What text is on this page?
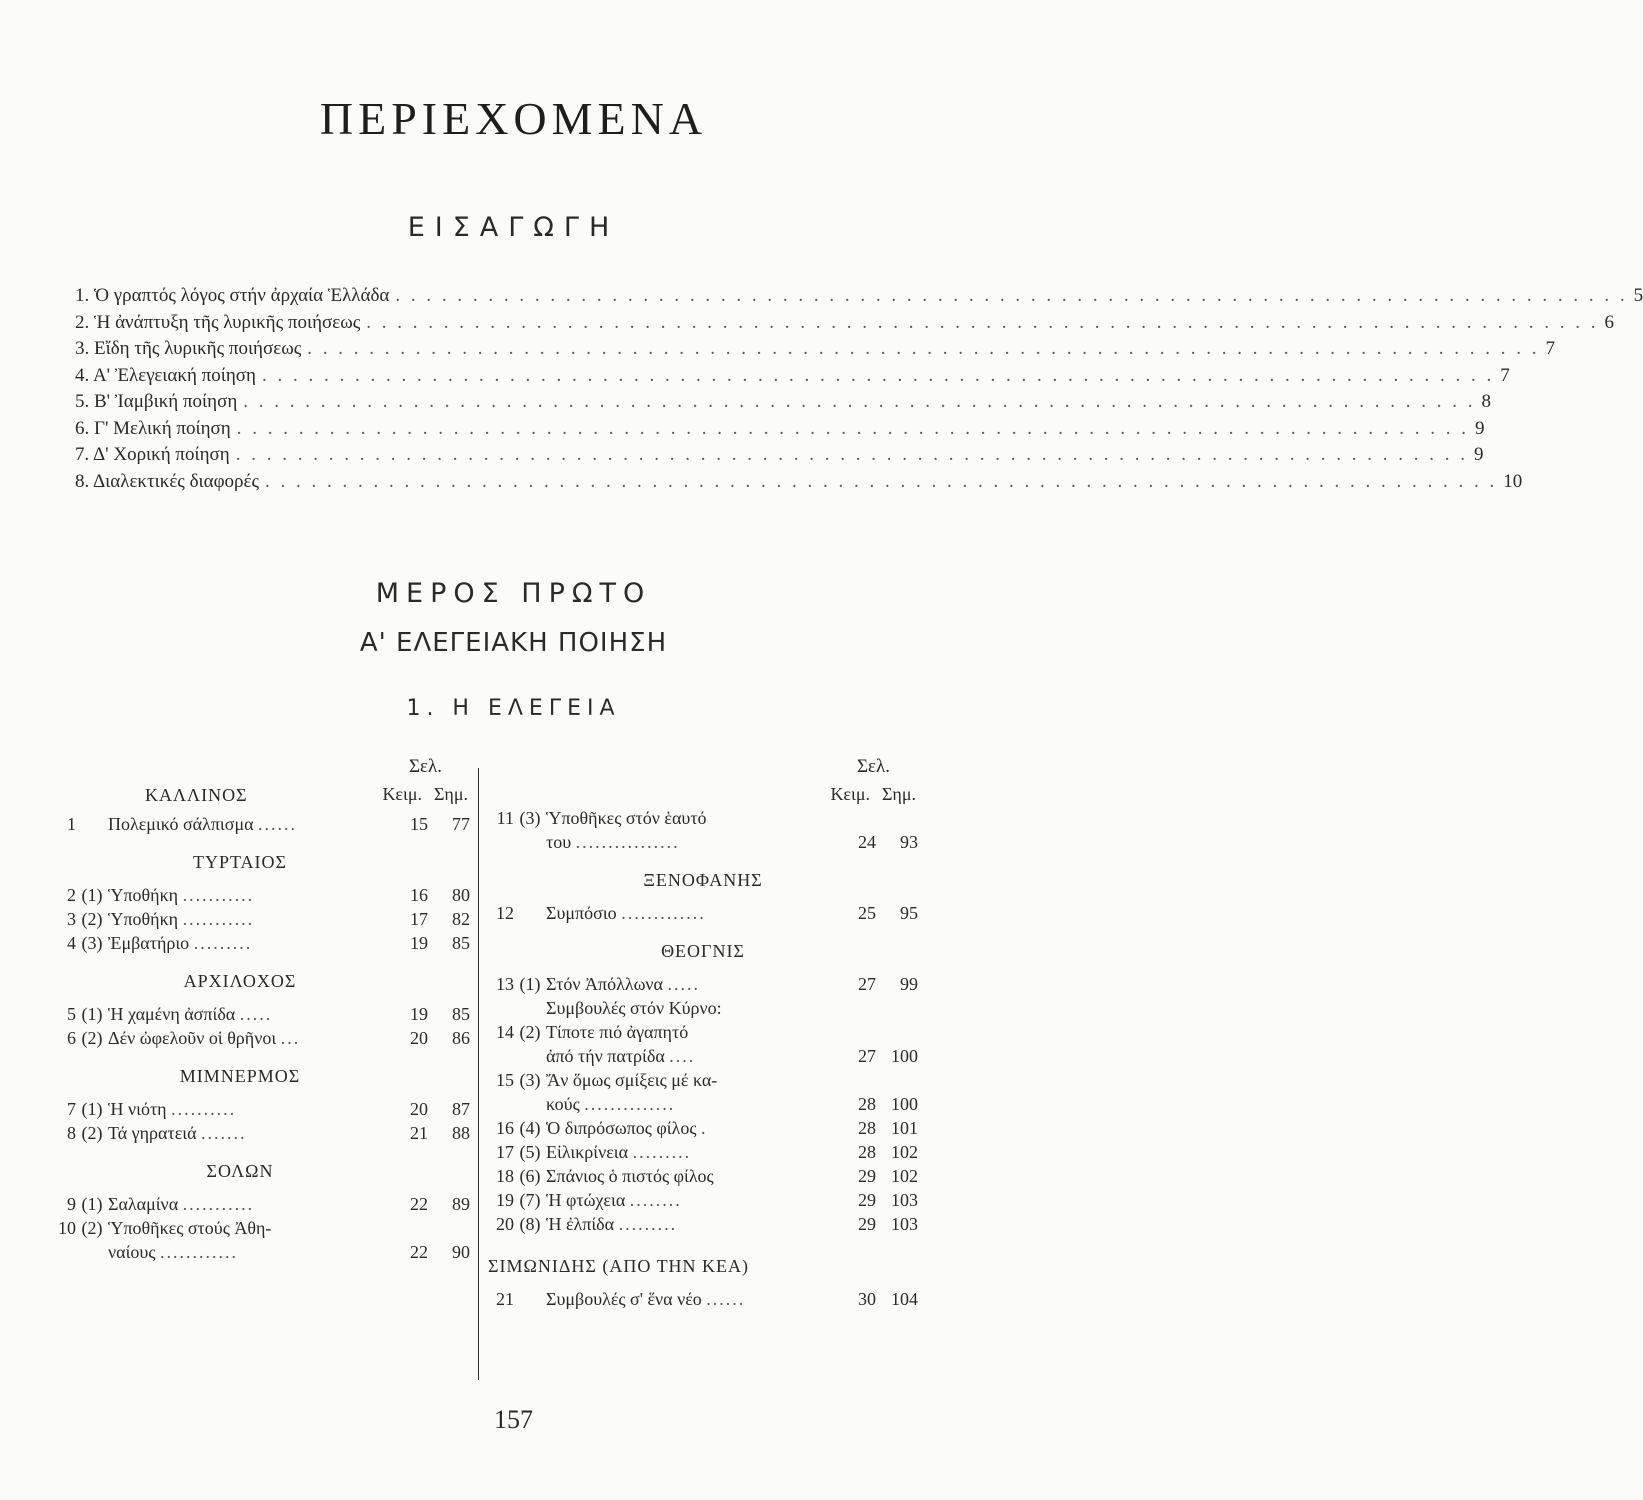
ΠΕΡΙΕΧΟΜΕΝΑ
ΕΙΣΑΓΩΓΗ
1. Ὁ γραπτός λόγος στήν ἀρχαία Ἑλλάδα . . . . . . . . . . . . . . . . . . . . . . . . . . . . . . . . . . . . . . . . . . . . . . . . . . . . . . . . . . . . . . . . . . . . . . . . . . . . . . . . 5
2. Ἡ ἀνάπτυξη τῆς λυρικῆς ποιήσεως . . . . . . . . . . . . . . . . . . . . . . . . . . . . . . . . . . . . . . . . . . . . . . . . . . . . . . . . . . . . . . . . . . . . . . . . . . . . . . . . 6
3. Εἴδη τῆς λυρικῆς ποιήσεως . . . . . . . . . . . . . . . . . . . . . . . . . . . . . . . . . . . . . . . . . . . . . . . . . . . . . . . . . . . . . . . . . . . . . . . . . . . . . . . . 7
4. Α' Ἐλεγειακή ποίηση . . . . . . . . . . . . . . . . . . . . . . . . . . . . . . . . . . . . . . . . . . . . . . . . . . . . . . . . . . . . . . . . . . . . . . . . . . . . . . . . 7
5. Β' Ἰαμβική ποίηση . . . . . . . . . . . . . . . . . . . . . . . . . . . . . . . . . . . . . . . . . . . . . . . . . . . . . . . . . . . . . . . . . . . . . . . . . . . . . . . . 8
6. Γ' Μελική ποίηση . . . . . . . . . . . . . . . . . . . . . . . . . . . . . . . . . . . . . . . . . . . . . . . . . . . . . . . . . . . . . . . . . . . . . . . . . . . . . . . . 9
7. Δ' Χορική ποίηση . . . . . . . . . . . . . . . . . . . . . . . . . . . . . . . . . . . . . . . . . . . . . . . . . . . . . . . . . . . . . . . . . . . . . . . . . . . . . . . . 9
8. Διαλεκτικές διαφορές . . . . . . . . . . . . . . . . . . . . . . . . . . . . . . . . . . . . . . . . . . . . . . . . . . . . . . . . . . . . . . . . . . . . . . . . . . . . . . . . 10
ΜΕΡΟΣ ΠΡΩΤΟ
Α' ΕΛΕΓΕΙΑΚΗ ΠΟΙΗΣΗ
1. Η ΕΛΕΓΕΙΑ
Σελ.
ΚΑΛΛΙΝΟΣ	Κειμ. Σημ.
1 Πολεμικό σάλπισμα ......	15	77
ΤΥΡΤΑΙΟΣ
2 (1) Ὑποθήκη ...........	16	80
3 (2) Ὑποθήκη ...........	17	82
4 (3) Ἐμβατήριο .........	19	85
ΑΡΧΙΛΟΧΟΣ
5 (1) Ἡ χαμένη ἀσπίδα .....	19	85
6 (2) Δέν ὠφελοῦν οἱ θρῆνοι ...	20	86
ΜΙΜΝΕΡΜΟΣ
7 (1) Ἡ νιότη ..........	20	87
8 (2) Τά γηρατειά .......	21	88
ΣΟΛΩΝ
9 (1) Σαλαμίνα ...........	22	89
10 (2) Ὑποθῆκες στούς Ἀθη-
ναίους ............	22	90
Σελ.
Κειμ. Σημ.
11 (3) Ὑποθῆκες στόν ἑαυτό
του ................	24	93
ΞΕΝΟΦΑΝΗΣ
12 Συμπόσιο .............	25	95
ΘΕΟΓΝΙΣ
13 (1) Στόν Ἀπόλλωνα .....	27	99
Συμβουλές στόν Κύρνο:
14 (2) Τίποτε πιό ἀγαπητό
ἀπό τήν πατρίδα ....	27 100
15 (3) Ἄν ὅμως σμίξεις μέ κα-
κούς ..............	28 100
16 (4) Ὁ διπρόσωπος φίλος .	28 101
17 (5) Εἰλικρίνεια .........	28 102
18 (6) Σπάνιος ὁ πιστός φίλος	29 102
19 (7) Ἡ φτώχεια ........	29 103
20 (8) Ἡ ἐλπίδα .........	29 103
ΣΙΜΩΝΙΔΗΣ (ΑΠΟ ΤΗΝ ΚΕΑ)
21 Συμβουλές σ' ἕνα νέο ......	30 104
157
